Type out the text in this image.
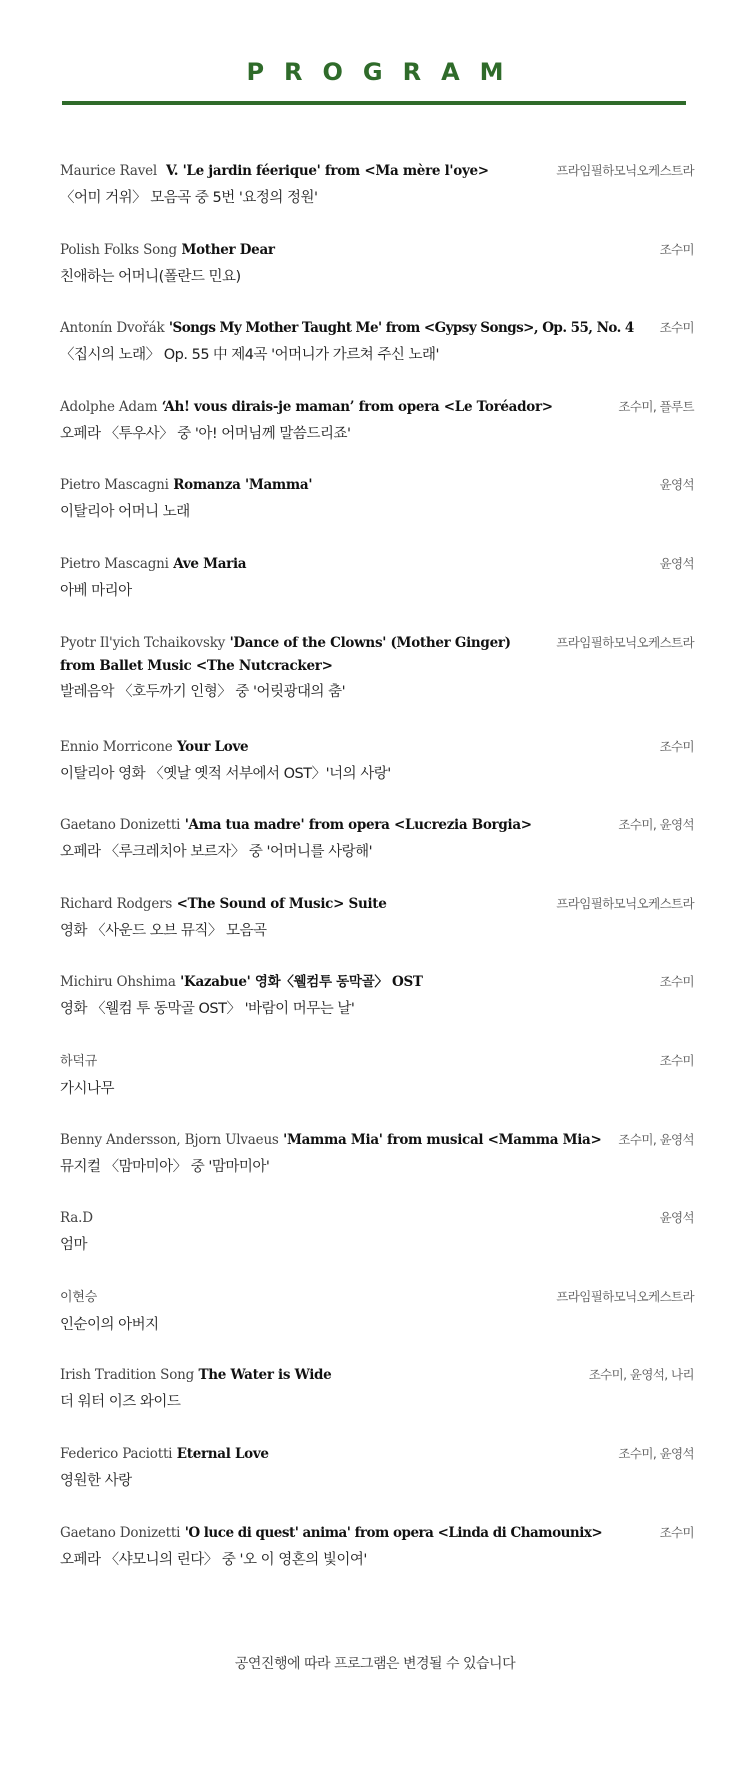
PROGRAM
Maurice Ravel V. 'Le jardin féerique' from <Ma mère l'oye>
〈어미 거위〉 모음곡 중 5번 '요정의 정원'
프라임필하모닉오케스트라
Polish Folks Song Mother Dear
친애하는 어머니(폴란드 민요)
조수미
Antonín Dvořák 'Songs My Mother Taught Me' from <Gypsy Songs>, Op. 55, No. 4
〈집시의 노래〉 Op. 55 中 제4곡 '어머니가 가르쳐 주신 노래'
조수미
Adolphe Adam ‘Ah! vous dirais-je maman’ from opera <Le Toréador>
오페라 〈투우사〉 중 '아! 어머님께 말씀드리죠'
조수미, 플루트
Pietro Mascagni Romanza 'Mamma'
이탈리아 어머니 노래
윤영석
Pietro Mascagni Ave Maria
아베 마리아
윤영석
Pyotr Il'yich Tchaikovsky 'Dance of the Clowns' (Mother Ginger)
from Ballet Music <The Nutcracker>
발레음악 〈호두까기 인형〉 중 '어릿광대의 춤'
프라임필하모닉오케스트라
Ennio Morricone Your Love
이탈리아 영화 〈옛날 옛적 서부에서 OST〉'너의 사랑'
조수미
Gaetano Donizetti 'Ama tua madre' from opera <Lucrezia Borgia>
오페라 〈루크레치아 보르자〉 중 '어머니를 사랑해'
조수미, 윤영석
Richard Rodgers <The Sound of Music> Suite
영화 〈사운드 오브 뮤직〉 모음곡
프라임필하모닉오케스트라
Michiru Ohshima 'Kazabue' 영화〈웰컴투 동막골〉 OST
영화 〈웰컴 투 동막골 OST〉 '바람이 머무는 날'
조수미
하덕규
가시나무
조수미
Benny Andersson, Bjorn Ulvaeus 'Mamma Mia' from musical <Mamma Mia>
뮤지컬 〈맘마미아〉 중 '맘마미아'
조수미, 윤영석
Ra.D
엄마
윤영석
이현승
인순이의 아버지
프라임필하모닉오케스트라
Irish Tradition Song The Water is Wide
더 워터 이즈 와이드
조수미, 윤영석, 나리
Federico Paciotti Eternal Love
영원한 사랑
조수미, 윤영석
Gaetano Donizetti 'O luce di quest' anima' from opera <Linda di Chamounix>
오페라 〈샤모니의 린다〉 중 '오 이 영혼의 빛이여'
조수미
공연진행에 따라 프로그램은 변경될 수 있습니다
